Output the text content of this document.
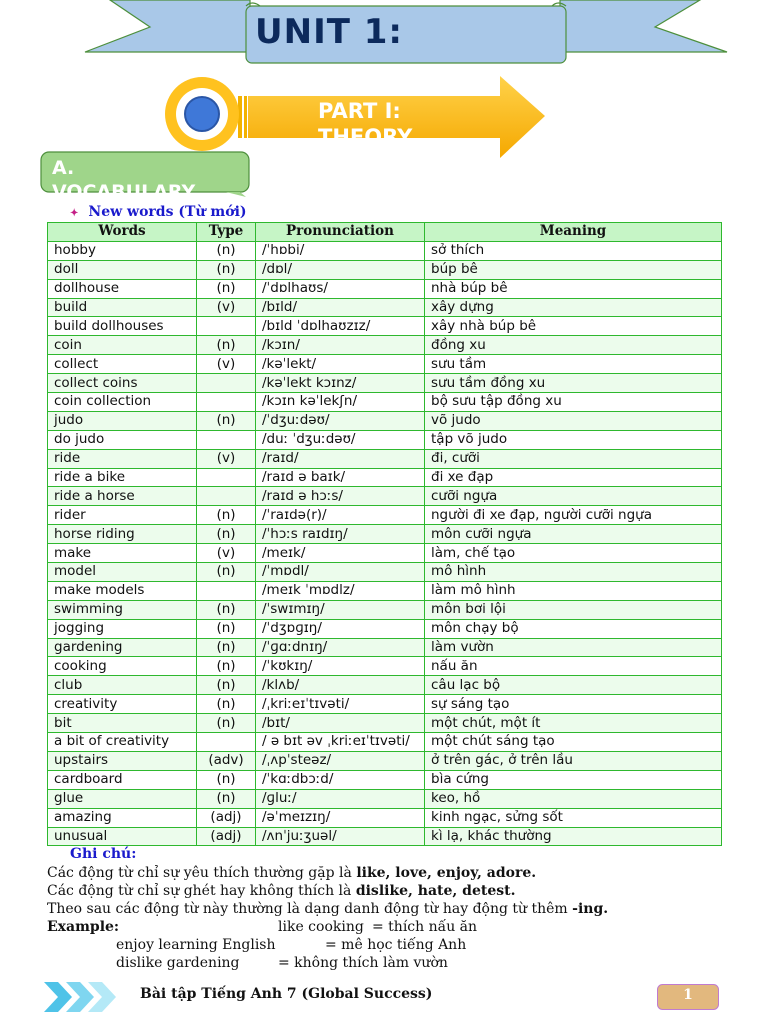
UNIT 1:
PART I:
THEORY
A.
VOCABULARY
✦ New words (Từ mới)
Words	Type	Pronunciation	Meaning
hobby	(n)	/ˈhɒbi/	sở thích
doll	(n)	/dɒl/	búp bê
dollhouse	(n)	/ˈdɒlhaʊs/	nhà búp bê
build	(v)	/bɪld/	xây dựng
build dollhouses		/bɪld ˈdɒlhaʊzɪz/	xây nhà búp bê
coin	(n)	/kɔɪn/	đồng xu
collect	(v)	/kəˈlekt/	sưu tầm
collect coins		/kəˈlekt kɔɪnz/	sưu tầm đồng xu
coin collection		/kɔɪn kəˈlekʃn/	bộ sưu tập đồng xu
judo	(n)	/ˈdʒuːdəʊ/	võ judo
do judo		/duː ˈdʒuːdəʊ/	tập võ judo
ride	(v)	/raɪd/	đi, cưỡi
ride a bike		/raɪd ə baɪk/	đi xe đạp
ride a horse		/raɪd ə hɔːs/	cưỡi ngựa
rider	(n)	/ˈraɪdə(r)/	người đi xe đạp, người cưỡi ngựa
horse riding	(n)	/ˈhɔːs raɪdɪŋ/	môn cưỡi ngựa
make	(v)	/meɪk/	làm, chế tạo
model	(n)	/ˈmɒdl/	mô hình
make models		/meɪk ˈmɒdlz/	làm mô hình
swimming	(n)	/ˈswɪmɪŋ/	môn bơi lội
jogging	(n)	/ˈdʒɒɡɪŋ/	môn chạy bộ
gardening	(n)	/ˈɡɑːdnɪŋ/	làm vườn
cooking	(n)	/ˈkʊkɪŋ/	nấu ăn
club	(n)	/klʌb/	câu lạc bộ
creativity	(n)	/ˌkriːeɪˈtɪvəti/	sự sáng tạo
bit	(n)	/bɪt/	một chút, một ít
a bit of creativity		/ ə bɪt əv ˌkriːeɪˈtɪvəti/	một chút sáng tạo
upstairs	(adv)	/ˌʌpˈsteəz/	ở trên gác, ở trên lầu
cardboard	(n)	/ˈkɑːdbɔːd/	bìa cứng
glue	(n)	/ɡluː/	keo, hồ
amazing	(adj)	/əˈmeɪzɪŋ/	kinh ngạc, sửng sốt
unusual	(adj)	/ʌnˈjuːʒuəl/	kì lạ, khác thường
Ghi chú:
Các động từ chỉ sự yêu thích thường gặp là like, love, enjoy, adore.
Các động từ chỉ sự ghét hay không thích là dislike, hate, detest.
Theo sau các động từ này thường là dạng danh động từ hay động từ thêm -ing.
Example:	like cooking = thích nấu ăn
enjoy learning English	= mê học tiếng Anh
dislike gardening	= không thích làm vườn
Bài tập Tiếng Anh 7 (Global Success)	1
